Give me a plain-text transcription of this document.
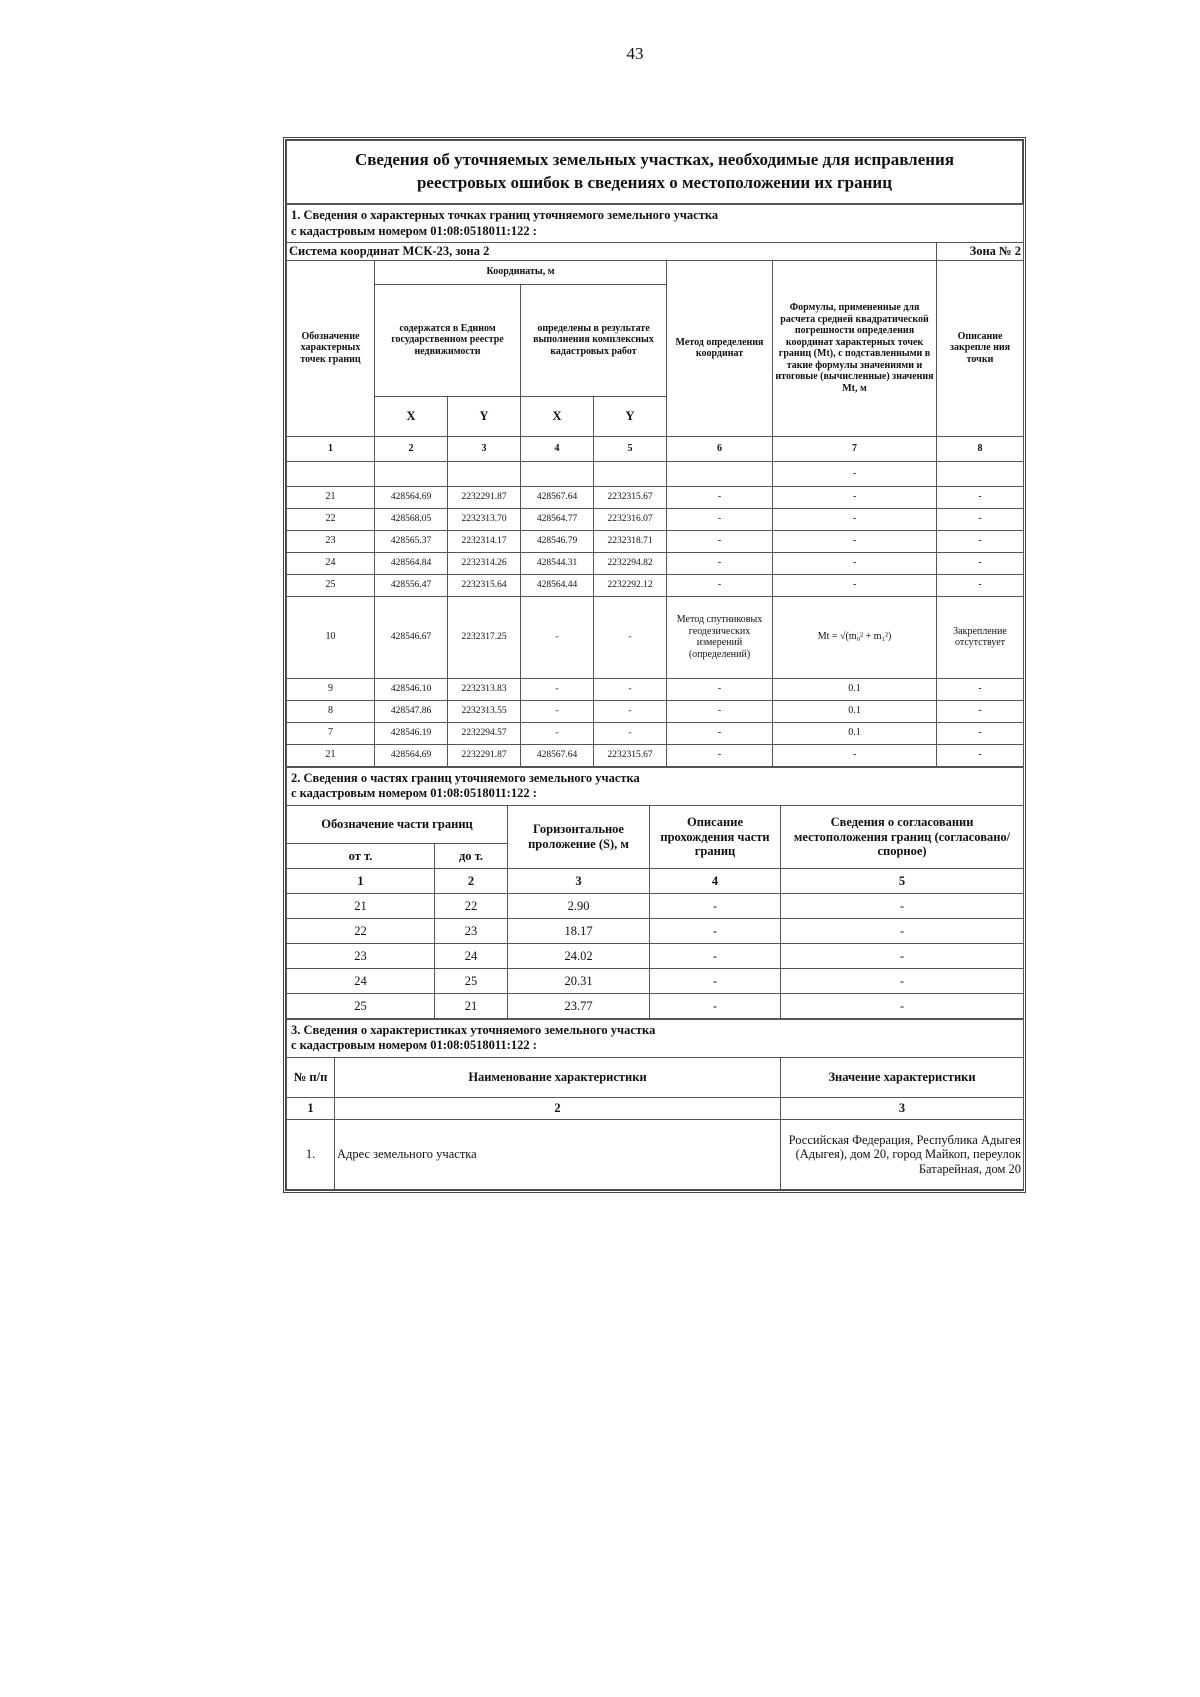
43
Сведения об уточняемых земельных участках, необходимые для исправления
реестровых ошибок в сведениях о местоположении их границ
1. Сведения о характерных точках границ уточняемого земельного участка
с кадастровым номером 01:08:0518011:122 :							
Система координат МСК-23, зона 2							Зона № 2
Обозначение характерных точек границ	Координаты, м				Метод определения координат	Формулы, примененные для расчета средней квадратической погрешности определения координат характерных точек границ (Mt), с подставленными в такие формулы значениями и итоговые (вычисленные) значения Mt, м	Описание закрепле ния точки
	содержатся в Едином государственном реестре недвижимости		определены в результате выполнения комплексных кадастровых работ				
	X	Y	X	Y			
1	2	3	4	5	6	7	8
						-	
21	428564.69	2232291.87	428567.64	2232315.67	-	-	-
22	428568.05	2232313.70	428564.77	2232316.07	-	-	-
23	428565.37	2232314.17	428546.79	2232318.71	-	-	-
24	428564.84	2232314.26	428544.31	2232294.82	-	-	-
25	428556.47	2232315.64	428564.44	2232292.12	-	-	-
10	428546.67	2232317.25	-	-	Метод спутниковых геодезических измерений (определений)	Mt = √(m₀² + m₁²)	Закрепление отсутствует
9	428546.10	2232313.83	-	-	-	0.1	-
8	428547.86	2232313.55	-	-	-	0.1	-
7	428546.19	2232294.57	-	-	-	0.1	-
21	428564.69	2232291.87	428567.64	2232315.67	-	-	-
2. Сведения о частях границ уточняемого земельного участка
с кадастровым номером 01:08:0518011:122 :				
Обозначение части границ		Горизонтальное проложение (S), м	Описание прохождения части границ	Сведения о согласовании местоположения границ (согласовано/спорное)
от т.	до т.			
1	2	3	4	5
21	22	2.90	-	-
22	23	18.17	-	-
23	24	24.02	-	-
24	25	20.31	-	-
25	21	23.77	-	-
3. Сведения о характеристиках уточняемого земельного участка
с кадастровым номером 01:08:0518011:122 :		
№ п/п	Наименование характеристики	Значение характеристики
1	2	3
1.	Адрес земельного участка	Российская Федерация, Республика Адыгея (Адыгея), дом 20, город Майкоп, переулок Батарейная, дом 20
